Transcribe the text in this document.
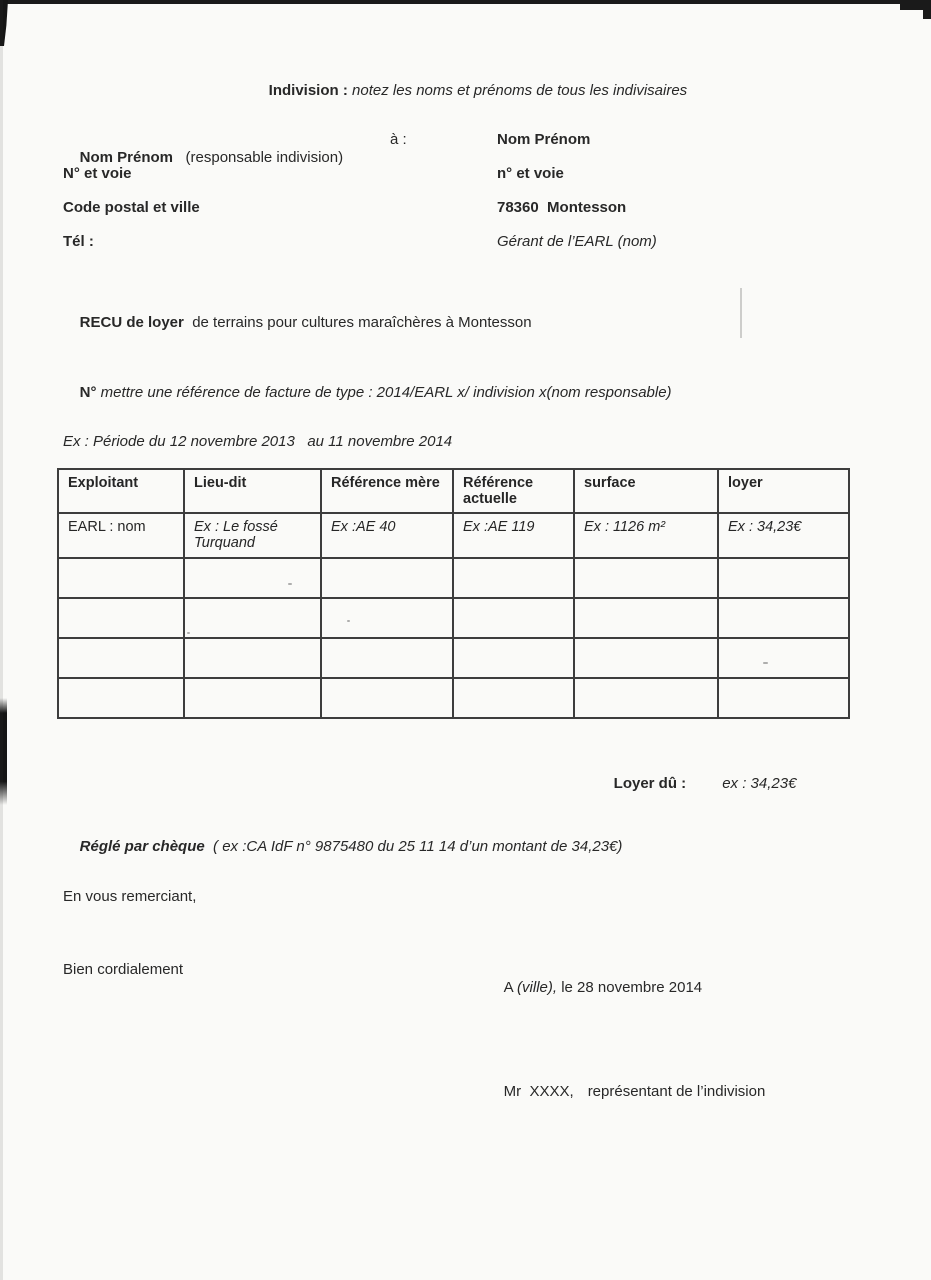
Indivision : notez les noms et prénoms de tous les indivisaires

Nom Prénom   (responsable indivision)

N° et voie
Code postal et ville
Tél :
à :	Nom Prénom
n° et voie
78360  Montesson
Gérant de l’EARL (nom)

RECU de loyer  de terrains pour cultures maraîchères à Montesson

N° mettre une référence de facture de type : 2014/EARL x/ indivision x(nom responsable)

Ex : Période du 12 novembre 2013   au 11 novembre 2014
Exploitant	Lieu-dit	Référence mère	Référence actuelle	surface	loyer
EARL : nom	Ex : Le fossé Turquand	Ex :AE 40	Ex :AE 119	Ex : 1126 m²	Ex : 34,23€

Loyer dû : ex : 34,23€

Réglé par chèque  ( ex :CA IdF n° 9875480 du 25 11 14 d’un montant de 34,23€)

En vous remerciant,
Bien cordialement

A (ville), le 28 novembre 2014

Mr  XXXX, représentant de l’indivision
